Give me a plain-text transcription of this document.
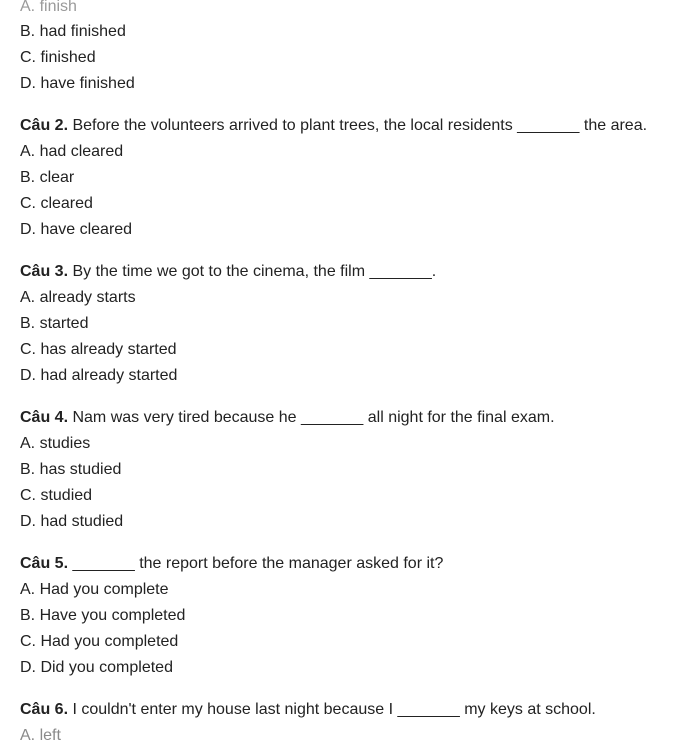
A. finish
B. had finished
C. finished
D. have finished
Câu 2. Before the volunteers arrived to plant trees, the local residents _______ the area.
A. had cleared
B. clear
C. cleared
D. have cleared
Câu 3. By the time we got to the cinema, the film _______.
A. already starts
B. started
C. has already started
D. had already started
Câu 4. Nam was very tired because he _______ all night for the final exam.
A. studies
B. has studied
C. studied
D. had studied
Câu 5. _______ the report before the manager asked for it?
A. Had you complete
B. Have you completed
C. Had you completed
D. Did you completed
Câu 6. I couldn't enter my house last night because I _______ my keys at school.
A. left
